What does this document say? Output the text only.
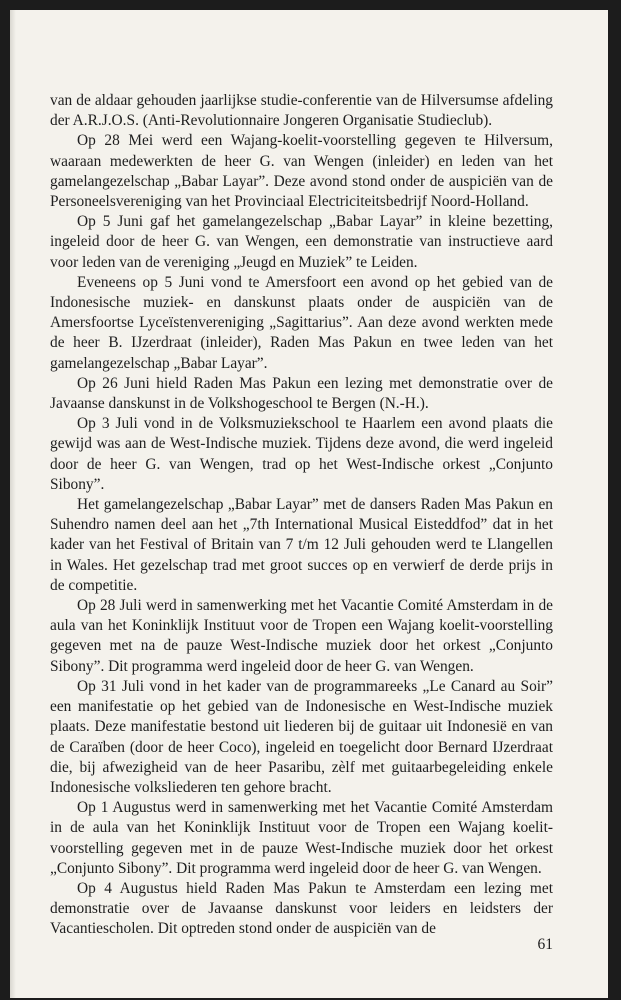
van de aldaar gehouden jaarlijkse studie-conferentie van de Hilversumse afdeling der A.R.J.O.S. (Anti-Revolutionnaire Jongeren Organisatie Studieclub).

Op 28 Mei werd een Wajang-koelit-voorstelling gegeven te Hilversum, waaraan medewerkten de heer G. van Wengen (inleider) en leden van het gamelangezelschap „Babar Layar”. Deze avond stond onder de auspiciën van de Personeelsvereniging van het Provinciaal Electriciteitsbedrijf Noord-Holland.

Op 5 Juni gaf het gamelangezelschap „Babar Layar” in kleine bezetting, ingeleid door de heer G. van Wengen, een demonstratie van instructieve aard voor leden van de vereniging „Jeugd en Muziek” te Leiden.

Eveneens op 5 Juni vond te Amersfoort een avond op het gebied van de Indonesische muziek- en danskunst plaats onder de auspiciën van de Amersfoortse Lyceïstenvereniging „Sagittarius”. Aan deze avond werkten mede de heer B. IJzerdraat (inleider), Raden Mas Pakun en twee leden van het gamelangezelschap „Babar Layar”.

Op 26 Juni hield Raden Mas Pakun een lezing met demonstratie over de Javaanse danskunst in de Volkshogeschool te Bergen (N.-H.).

Op 3 Juli vond in de Volksmuziekschool te Haarlem een avond plaats die gewijd was aan de West-Indische muziek. Tijdens deze avond, die werd ingeleid door de heer G. van Wengen, trad op het West-Indische orkest „Conjunto Sibony”.

Het gamelangezelschap „Babar Layar” met de dansers Raden Mas Pakun en Suhendro namen deel aan het „7th International Musical Eisteddfod” dat in het kader van het Festival of Britain van 7 t/m 12 Juli gehouden werd te Llangellen in Wales. Het gezelschap trad met groot succes op en verwierf de derde prijs in de competitie.

Op 28 Juli werd in samenwerking met het Vacantie Comité Amsterdam in de aula van het Koninklijk Instituut voor de Tropen een Wajang koelit-voorstelling gegeven met na de pauze West-Indische muziek door het orkest „Conjunto Sibony”. Dit programma werd ingeleid door de heer G. van Wengen.

Op 31 Juli vond in het kader van de programmareeks „Le Canard au Soir” een manifestatie op het gebied van de Indonesische en West-Indische muziek plaats. Deze manifestatie bestond uit liederen bij de guitaar uit Indonesië en van de Caraïben (door de heer Coco), ingeleid en toegelicht door Bernard IJzerdraat die, bij afwezigheid van de heer Pasaribu, zèlf met guitaarbegeleiding enkele Indonesische volksliederen ten gehore bracht.

Op 1 Augustus werd in samenwerking met het Vacantie Comité Amsterdam in de aula van het Koninklijk Instituut voor de Tropen een Wajang koelit-voorstelling gegeven met in de pauze West-Indische muziek door het orkest „Conjunto Sibony”. Dit programma werd ingeleid door de heer G. van Wengen.

Op 4 Augustus hield Raden Mas Pakun te Amsterdam een lezing met demonstratie over de Javaanse danskunst voor leiders en leidsters der Vacantiescholen. Dit optreden stond onder de auspiciën van de

61
